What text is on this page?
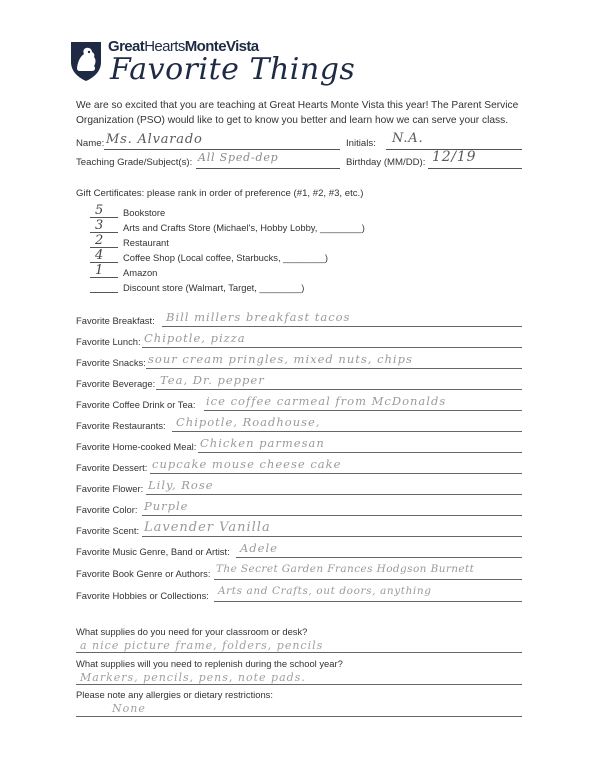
GreatHeartsMonteVista
Favorite Things
We are so excited that you are teaching at Great Hearts Monte Vista this year! The Parent Service Organization (PSO) would like to get to know you better and learn how we can serve your class.
Name: Ms. Alvarado	Initials: N.A.
Teaching Grade/Subject(s): All Sped-dep	Birthday (MM/DD): 12/19
Gift Certificates: please rank in order of preference (#1, #2, #3, etc.)
5 Bookstore
3 Arts and Crafts Store (Michael's, Hobby Lobby, ________)
2 Restaurant
4 Coffee Shop (Local coffee, Starbucks, ________)
1 Amazon
Discount store (Walmart, Target, ________)
Favorite Breakfast: Bill millers breakfast tacos
Favorite Lunch: Chipotle, pizza
Favorite Snacks: sour cream pringles, mixed nuts, chips
Favorite Beverage: Tea, Dr. pepper
Favorite Coffee Drink or Tea: ice coffee carmeal from McDonalds
Favorite Restaurants: Chipotle, Roadhouse,
Favorite Home-cooked Meal: Chicken parmesan
Favorite Dessert: cupcake mouse cheese cake
Favorite Flower: Lily, Rose
Favorite Color: Purple
Favorite Scent: Lavender Vanilla
Favorite Music Genre, Band or Artist: Adele
Favorite Book Genre or Authors: The Secret Garden Frances Hodgson Burnett
Favorite Hobbies or Collections: Arts and Crafts, out doors, anything
What supplies do you need for your classroom or desk?
a nice picture frame, folders, pencils
What supplies will you need to replenish during the school year?
Markers, pencils, pens, note pads.
Please note any allergies or dietary restrictions:
None
